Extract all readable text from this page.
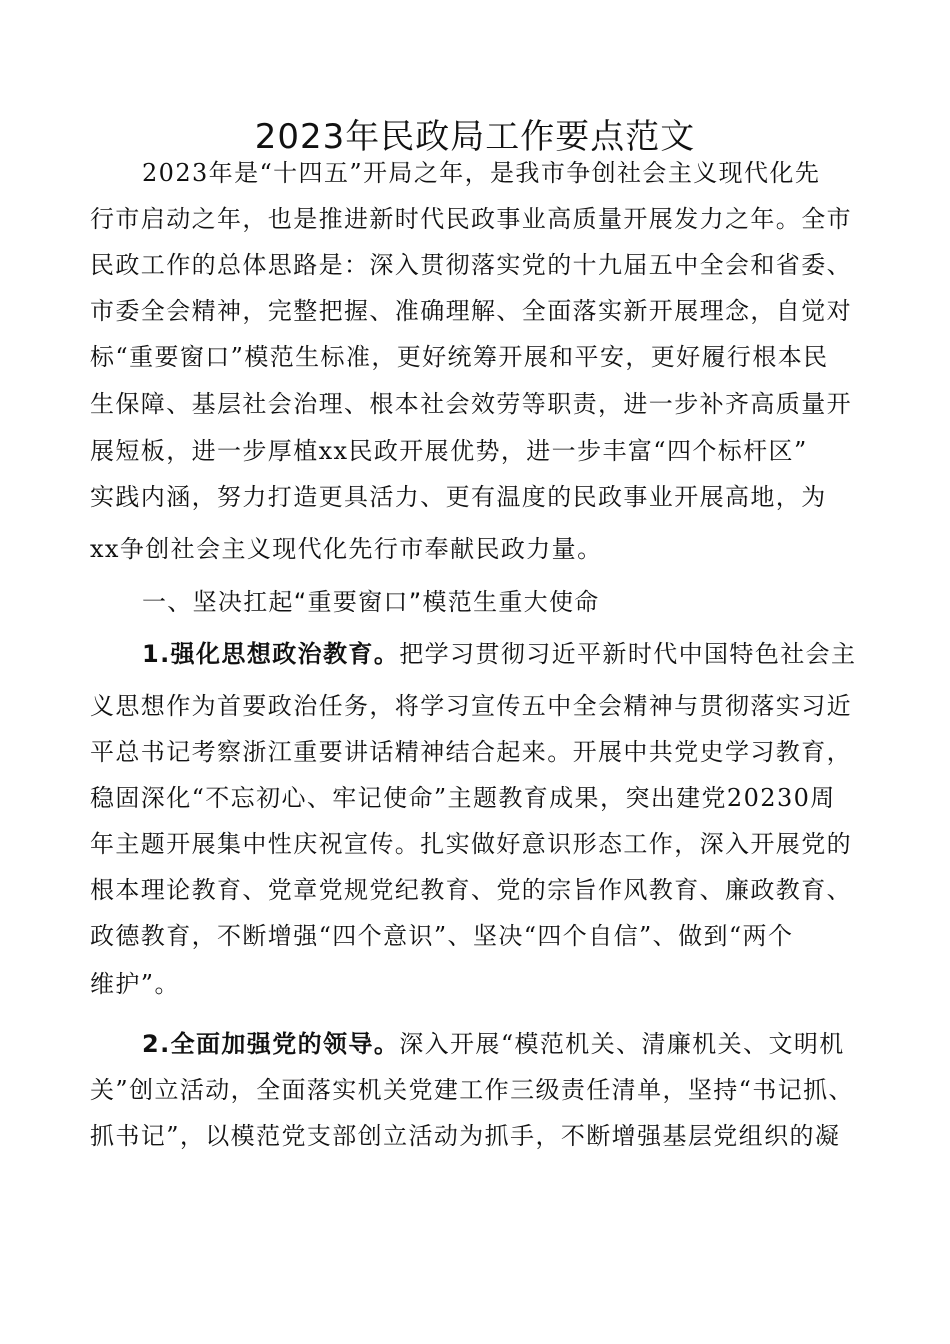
2023年民政局工作要点范文
2023年是“十四五”开局之年，是我市争创社会主义现代化先
行市启动之年，也是推进新时代民政事业高质量开展发力之年。全市
民政工作的总体思路是：深入贯彻落实党的十九届五中全会和省委、
市委全会精神，完整把握、准确理解、全面落实新开展理念，自觉对
标“重要窗口”模范生标准，更好统筹开展和平安，更好履行根本民
生保障、基层社会治理、根本社会效劳等职责，进一步补齐高质量开
展短板，进一步厚植xx民政开展优势，进一步丰富“四个标杆区”
实践内涵，努力打造更具活力、更有温度的民政事业开展高地，为
xx争创社会主义现代化先行市奉献民政力量。
一、坚决扛起“重要窗口”模范生重大使命
1.强化思想政治教育。把学习贯彻习近平新时代中国特色社会主
义思想作为首要政治任务，将学习宣传五中全会精神与贯彻落实习近
平总书记考察浙江重要讲话精神结合起来。开展中共党史学习教育，
稳固深化“不忘初心、牢记使命”主题教育成果，突出建党20230周
年主题开展集中性庆祝宣传。扎实做好意识形态工作，深入开展党的
根本理论教育、党章党规党纪教育、党的宗旨作风教育、廉政教育、
政德教育，不断增强“四个意识”、坚决“四个自信”、做到“两个
维护”。
2.全面加强党的领导。深入开展“模范机关、清廉机关、文明机
关”创立活动，全面落实机关党建工作三级责任清单，坚持“书记抓、
抓书记”，以模范党支部创立活动为抓手，不断增强基层党组织的凝
